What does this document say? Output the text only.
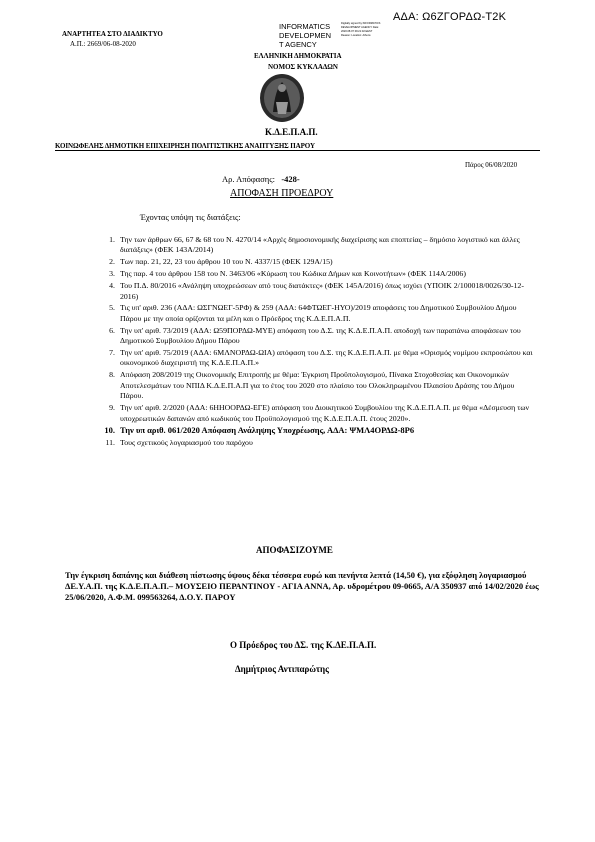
ΑΔΑ: Ω6ΖΓΟΡΔΩ-Τ2Κ
ΑΝΑΡΤΗΤΕΑ ΣΤΟ ΔΙΑΔΙΚΤΥΟ
Α.Π.: 2669/06-08-2020
INFORMATICS
DEVELOPMEN
T AGENCY
Digitally signed by INFORMATICS DEVELOPMENT AGENCY Date: 2020.08.07 09:21:02 EEST Reason: Location: Athens
ΕΛΛΗΝΙΚΗ ΔΗΜΟΚΡΑΤΙΑ
ΝΟΜΟΣ ΚΥΚΛΑΔΩΝ
Κ.Δ.Ε.Π.Α.Π.
ΚΟΙΝΩΦΕΛΗΣ ΔΗΜΟΤΙΚΗ ΕΠΙΧΕΙΡΗΣΗ ΠΟΛΙΤΙΣΤΙΚΗΣ ΑΝΑΠΤΥΞΗΣ ΠΑΡΟΥ
Πάρος 06/08/2020
Αρ. Απόφασης: -428-
ΑΠΟΦΑΣΗ ΠΡΟΕΔΡΟΥ
Έχοντας υπόψη τις διατάξεις:
1. Την των άρθρων 66, 67 & 68 του Ν. 4270/14 «Αρχές δημοσιονομικής διαχείρισης και εποπτείας – δημόσιο λογιστικό και άλλες διατάξεις» (ΦΕΚ 143Α/2014)
2. Των παρ. 21, 22, 23 του άρθρου 10 του Ν. 4337/15 (ΦΕΚ 129Α/15)
3. Της παρ. 4 του άρθρου 158 του Ν. 3463/06 «Κύρωση του Κώδικα Δήμων και Κοινοτήτων» (ΦΕΚ 114Α/2006)
4. Του Π.Δ. 80/2016 «Ανάληψη υποχρεώσεων από τους διατάκτες» (ΦΕΚ 145Α/2016) όπως ισχύει (ΥΠΟΙΚ 2/100018/0026/30-12-2016)
5. Τις υπ' αριθ. 236 (ΑΔΑ: ΩΣΓΝΩΕΓ-5ΡΦ) & 259 (ΑΔΑ: 64ΦΤΩΕΓ-ΗΥΟ)/2019 αποφάσεις του Δημοτικού Συμβουλίου Δήμου Πάρου με την οποία ορίζονται τα μέλη και ο Πρόεδρος της Κ.Δ.Ε.Π.Α.Π.
6. Την υπ' αριθ. 73/2019 (ΑΔΑ: Ω59ΠΟΡΔΩ-ΜΥΕ) απόφαση του Δ.Σ. της Κ.Δ.Ε.Π.Α.Π. αποδοχή των παραπάνω αποφάσεων του Δημοτικού Συμβουλίου Δήμου Πάρου
7. Την υπ' αριθ. 75/2019 (ΑΔΑ: 6ΜΛΝΟΡΔΩ-ΩΙΑ) απόφαση του Δ.Σ. της Κ.Δ.Ε.Π.Α.Π. με θέμα «Ορισμός νομίμου εκπροσώπου και οικονομικού διαχειριστή της Κ.Δ.Ε.Π.Α.Π.»
8. Απόφαση 208/2019 της Οικονομικής Επιτροπής με θέμα: Έγκριση Προϋπολογισμού, Πίνακα Στοχοθεσίας και Οικονομικών Αποτελεσμάτων του ΝΠΙΔ Κ.Δ.Ε.Π.Α.Π για το έτος του 2020 στο πλαίσιο του Ολοκληρωμένου Πλαισίου Δράσης του Δήμου Πάρου.
9. Την υπ' αριθ. 2/2020 (ΑΔΑ: 6ΗΗΟΟΡΔΩ-ΕΓΕ) απόφαση του Διοικητικού Συμβουλίου της Κ.Δ.Ε.Π.Α.Π. με θέμα «Δέσμευση των υποχρεωτικών δαπανών από κωδικούς του Προϋπολογισμού της Κ.Δ.Ε.Π.Α.Π. έτους 2020».
10. Την υπ αριθ. 061/2020 Απόφαση Ανάληψης Υποχρέωσης, ΑΔΑ: ΨΜΛ4ΟΡΔΩ-8Ρ6
11. Τους σχετικούς λογαριασμού του παρόχου
ΑΠΟΦΑΣΙΖΟΥΜΕ
Την έγκριση δαπάνης και διάθεση πίστωσης ύψους δέκα τέσσερα ευρώ και πενήντα λεπτά (14,50 €), για εξόφληση λογαριασμού ΔΕ.Υ.Α.Π. της Κ.Δ.Ε.Π.Α.Π.– ΜΟΥΣΕΙΟ ΠΕΡΑΝΤΙΝΟΥ - ΑΓΙΑ ΑΝΝΑ, Αρ. υδρομέτρου 09-0665, Α/Α 350937 από 14/02/2020 έως 25/06/2020, Α.Φ.Μ. 099563264, Δ.Ο.Υ. ΠΑΡΟΥ
Ο Πρόεδρος του ΔΣ. της Κ.ΔΕ.Π.Α.Π.
Δημήτριος Αντιπαρώτης
